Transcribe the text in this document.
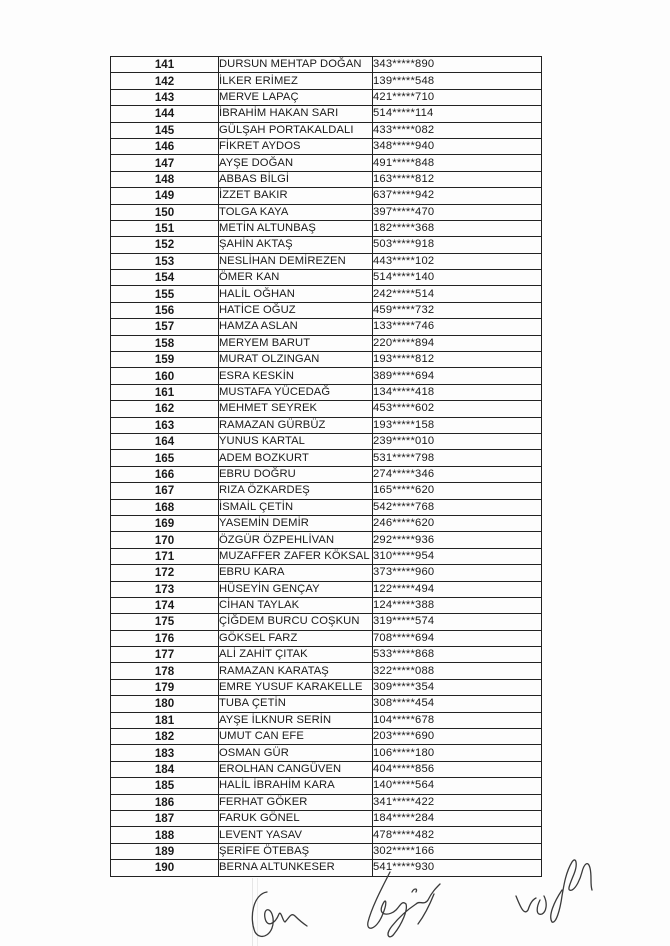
141	DURSUN MEHTAP DOĞAN	343*****890
142	İLKER ERİMEZ	139*****548
143	MERVE LAPAÇ	421*****710
144	İBRAHİM HAKAN SARI	514*****114
145	GÜLŞAH PORTAKALDALI	433*****082
146	FİKRET AYDOS	348*****940
147	AYŞE DOĞAN	491*****848
148	ABBAS BİLGİ	163*****812
149	İZZET BAKIR	637*****942
150	TOLGA KAYA	397*****470
151	METİN ALTUNBAŞ	182*****368
152	ŞAHİN AKTAŞ	503*****918
153	NESLİHAN DEMİREZEN	443*****102
154	ÖMER KAN	514*****140
155	HALİL OĞHAN	242*****514
156	HATİCE OĞUZ	459*****732
157	HAMZA ASLAN	133*****746
158	MERYEM BARUT	220*****894
159	MURAT OLZINGAN	193*****812
160	ESRA KESKİN	389*****694
161	MUSTAFA YÜCEDAĞ	134*****418
162	MEHMET SEYREK	453*****602
163	RAMAZAN GÜRBÜZ	193*****158
164	YUNUS KARTAL	239*****010
165	ADEM BOZKURT	531*****798
166	EBRU DOĞRU	274*****346
167	RIZA ÖZKARDEŞ	165*****620
168	İSMAİL ÇETİN	542*****768
169	YASEMİN DEMİR	246*****620
170	ÖZGÜR ÖZPEHLİVAN	292*****936
171	MUZAFFER ZAFER KÖKSAL	310*****954
172	EBRU KARA	373*****960
173	HÜSEYİN GENÇAY	122*****494
174	CİHAN TAYLAK	124*****388
175	ÇİĞDEM BURCU COŞKUN	319*****574
176	GÖKSEL FARZ	708*****694
177	ALİ ZAHİT ÇITAK	533*****868
178	RAMAZAN KARATAŞ	322*****088
179	EMRE YUSUF KARAKELLE	309*****354
180	TUBA ÇETİN	308*****454
181	AYŞE İLKNUR SERİN	104*****678
182	UMUT CAN EFE	203*****690
183	OSMAN GÜR	106*****180
184	EROLHAN CANGÜVEN	404*****856
185	HALİL İBRAHİM KARA	140*****564
186	FERHAT GÖKER	341*****422
187	FARUK GÖNEL	184*****284
188	LEVENT YASAV	478*****482
189	ŞERİFE ÖTEBAŞ	302*****166
190	BERNA ALTUNKESER	541*****930
